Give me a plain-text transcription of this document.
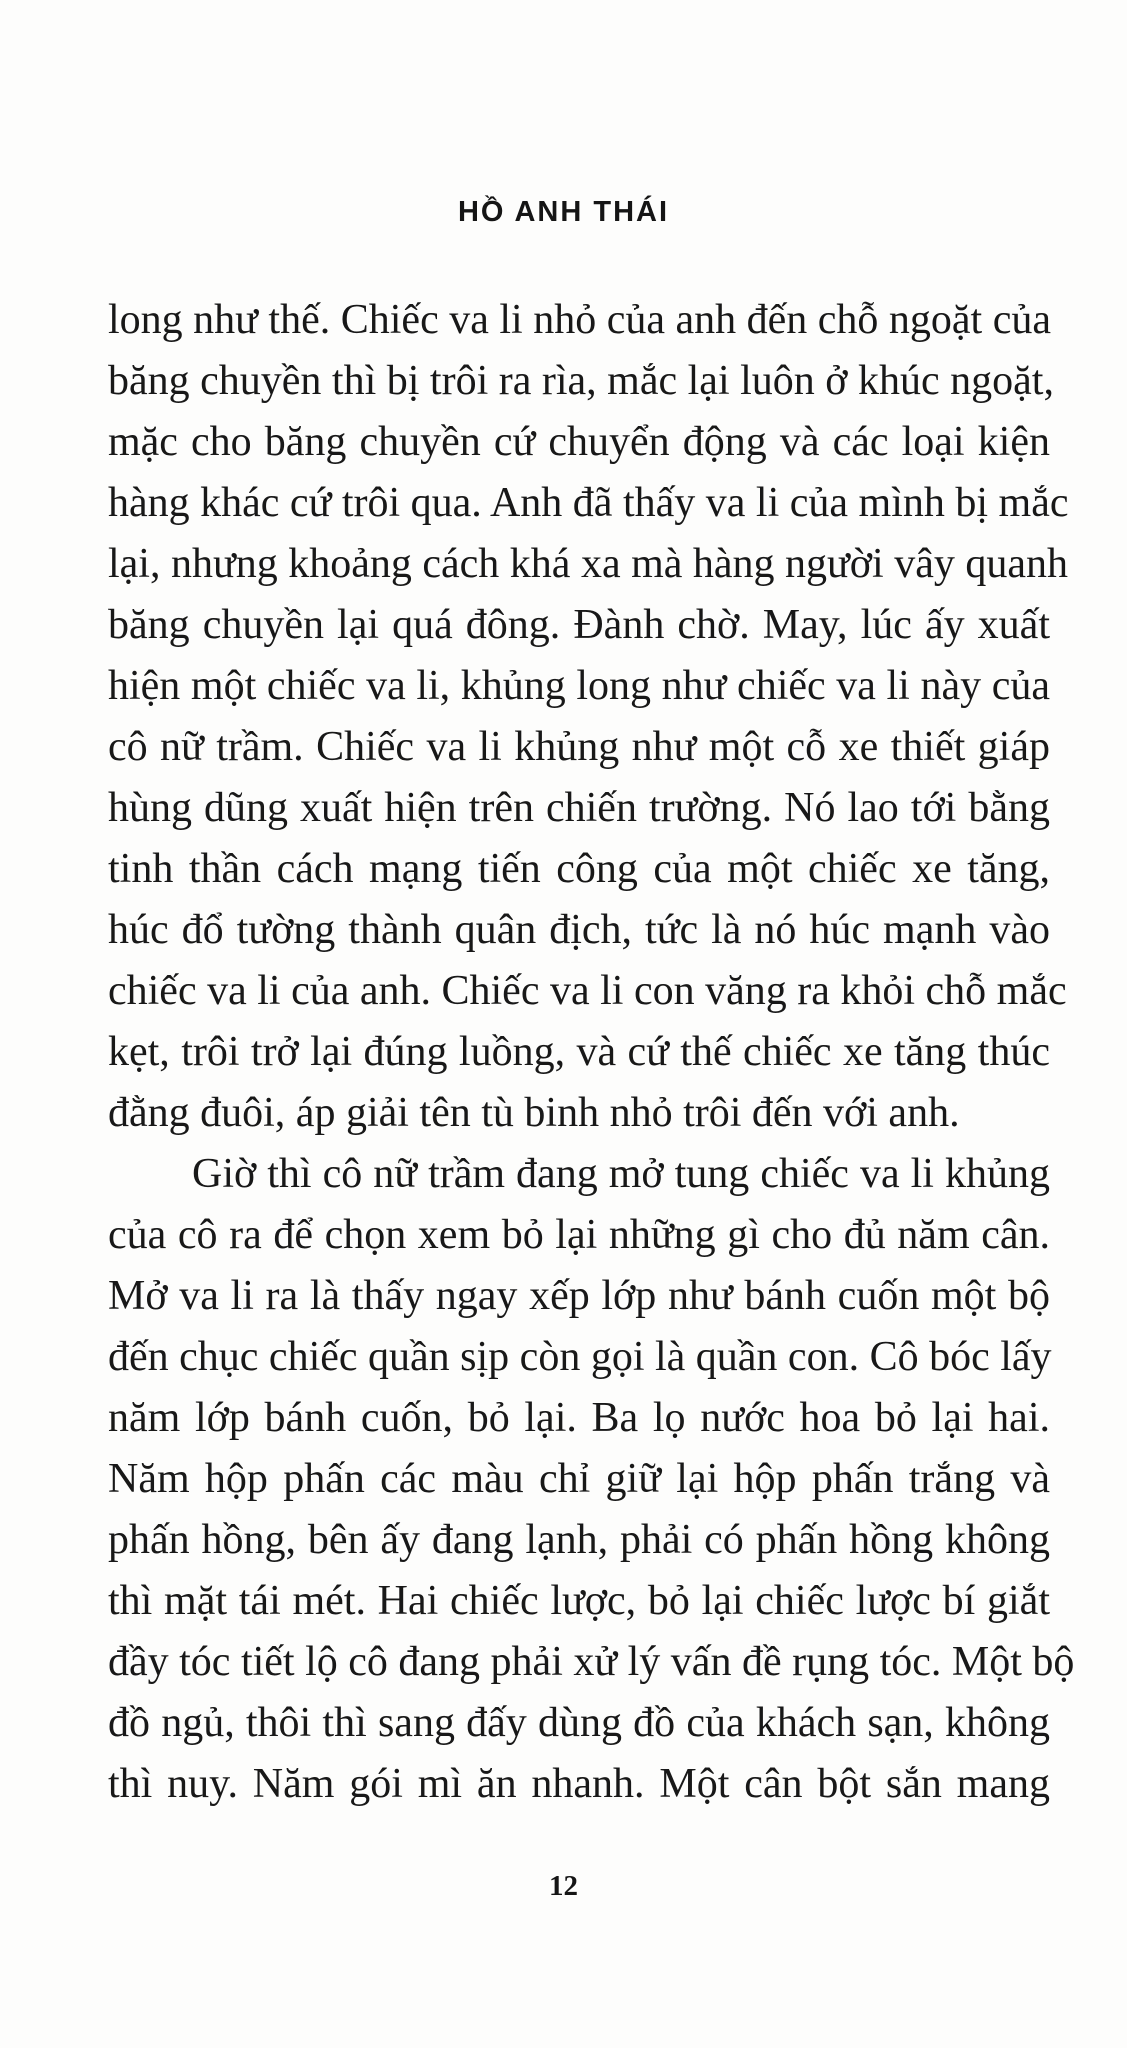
HỒ ANH THÁI
long như thế. Chiếc va li nhỏ của anh đến chỗ ngoặt của
băng chuyền thì bị trôi ra rìa, mắc lại luôn ở khúc ngoặt,
mặc cho băng chuyền cứ chuyển động và các loại kiện
hàng khác cứ trôi qua. Anh đã thấy va li của mình bị mắc
lại, nhưng khoảng cách khá xa mà hàng người vây quanh
băng chuyền lại quá đông. Đành chờ. May, lúc ấy xuất
hiện một chiếc va li, khủng long như chiếc va li này của
cô nữ trầm. Chiếc va li khủng như một cỗ xe thiết giáp
hùng dũng xuất hiện trên chiến trường. Nó lao tới bằng
tinh thần cách mạng tiến công của một chiếc xe tăng,
húc đổ tường thành quân địch, tức là nó húc mạnh vào
chiếc va li của anh. Chiếc va li con văng ra khỏi chỗ mắc
kẹt, trôi trở lại đúng luồng, và cứ thế chiếc xe tăng thúc
đằng đuôi, áp giải tên tù binh nhỏ trôi đến với anh.
Giờ thì cô nữ trầm đang mở tung chiếc va li khủng
của cô ra để chọn xem bỏ lại những gì cho đủ năm cân.
Mở va li ra là thấy ngay xếp lớp như bánh cuốn một bộ
đến chục chiếc quần sịp còn gọi là quần con. Cô bóc lấy
năm lớp bánh cuốn, bỏ lại. Ba lọ nước hoa bỏ lại hai.
Năm hộp phấn các màu chỉ giữ lại hộp phấn trắng và
phấn hồng, bên ấy đang lạnh, phải có phấn hồng không
thì mặt tái mét. Hai chiếc lược, bỏ lại chiếc lược bí giắt
đầy tóc tiết lộ cô đang phải xử lý vấn đề rụng tóc. Một bộ
đồ ngủ, thôi thì sang đấy dùng đồ của khách sạn, không
thì nuy. Năm gói mì ăn nhanh. Một cân bột sắn mang
12
